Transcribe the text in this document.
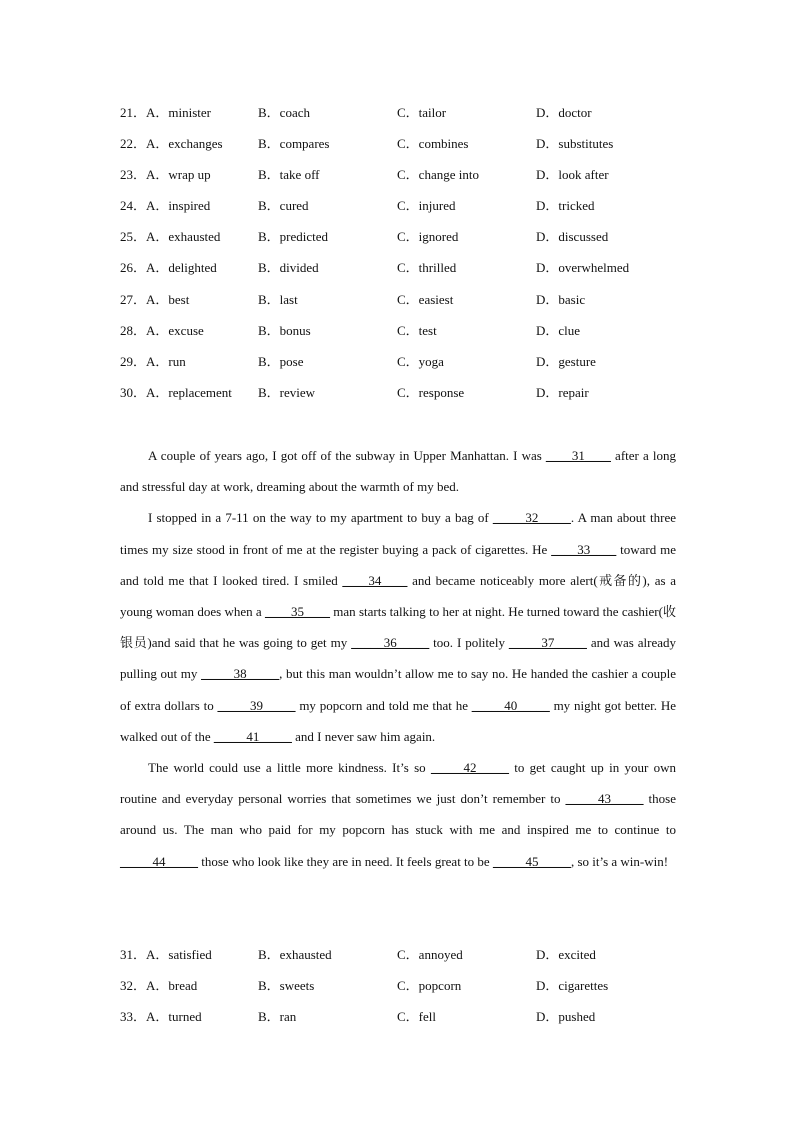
21．A．minister	B．coach	C．tailor	D．doctor
22．A．exchanges	B．compares	C．combines	D．substitutes
23．A．wrap up	B．take off	C．change into	D．look after
24．A．inspired	B．cured	C．injured	D．tricked
25．A．exhausted	B．predicted	C．ignored	D．discussed
26．A．delighted	B．divided	C．thrilled	D．overwhelmed
27．A．best	B．last	C．easiest	D．basic
28．A．excuse	B．bonus	C．test	D．clue
29．A．run	B．pose	C．yoga	D．gesture
30．A．replacement B．review	C．response	D．repair

A couple of years ago, I got off of the subway in Upper Manhattan. I was ____31____ after a long and stressful day at work, dreaming about the warmth of my bed.

I stopped in a 7-11 on the way to my apartment to buy a bag of _____32_____. A man about three times my size stood in front of me at the register buying a pack of cigarettes. He ____33____ toward me and told me that I looked tired. I smiled ____34____ and became noticeably more alert(戒备的), as a young woman does when a ____35____ man starts talking to her at night. He turned toward the cashier(收银员)and said that he was going to get my _____36_____ too. I politely _____37_____ and was already pulling out my _____38_____, but this man wouldn’t allow me to say no. He handed the cashier a couple of extra dollars to _____39_____ my popcorn and told me that he _____40_____ my night got better. He walked out of the _____41_____ and I never saw him again.

The world could use a little more kindness. It’s so _____42_____ to get caught up in your own routine and everyday personal worries that sometimes we just don’t remember to _____43_____ those around us. The man who paid for my popcorn has stuck with me and inspired me to continue to _____44_____ those who look like they are in need. It feels great to be _____45_____, so it’s a win-win!

31．A．satisfied	B．exhausted	C．annoyed	D．excited
32．A．bread	B．sweets	C．popcorn	D．cigarettes
33．A．turned	B．ran	C．fell	D．pushed
